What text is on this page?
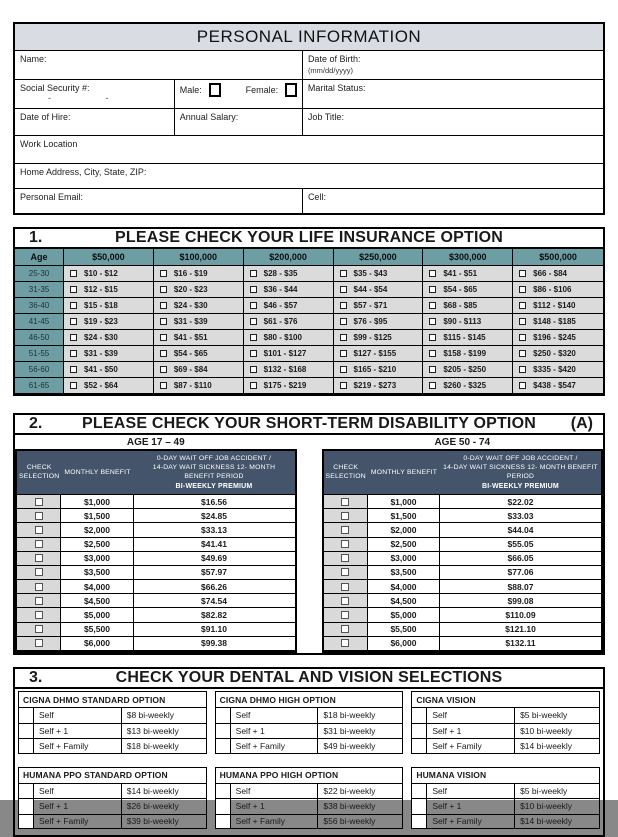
PERSONAL INFORMATION
Name:	Date of Birth:
(mm/dd/yyyy)
Social Security #:- -
Male:	Female:	Marital Status:
Date of Hire:	Annual Salary:	Job Title:
Work Location
Home Address, City, State, ZIP:
Personal Email:	Cell:
1.	PLEASE CHECK YOUR LIFE INSURANCE OPTION
Age	$50,000	$100,000	$200,000	$250,000	$300,000	$500,000
25-30	$10 - $12	$16 - $19	$28 - $35	$35 - $43	$41 - $51	$66 - $84
31-35	$12 - $15	$20 - $23	$36 - $44	$44 - $54	$54 - $65	$86 - $106
36-40	$15 - $18	$24 - $30	$46 - $57	$57 - $71	$68 - $85	$112 - $140
41-45	$19 - $23	$31 - $39	$61 - $76	$76 - $95	$90 - $113	$148 - $185
46-50	$24 - $30	$41 - $51	$80 - $100	$99 - $125	$115 - $145	$196 - $245
51-55	$31 - $39	$54 - $65	$101 - $127	$127 - $155	$158 - $199	$250 - $320
56-60	$41 - $50	$69 - $84	$132 - $168	$165 - $210	$205 - $250	$335 - $420
61-65	$52 - $64	$87 - $110	$175 - $219	$219 - $273	$260 - $325	$438 - $547
2.	PLEASE CHECK YOUR SHORT-TERM DISABILITY OPTION	(A)
AGE 17 – 49
CHECK SELECTION
MONTHLY BENEFIT
0-DAY WAIT OFF JOB ACCIDENT /
14-DAY WAIT SICKNESS 12- MONTH
BENEFIT PERIOD
BI-WEEKLY PREMIUM
$1,000	$16.56
$1,500	$24.85
$2,000	$33.13
$2,500	$41.41
$3,000	$49.69
$3,500	$57.97
$4,000	$66.26
$4,500	$74.54
$5,000	$82.82
$5,500	$91.10
$6,000	$99.38
AGE 50 - 74
CHECK SELECTION
MONTHLY BENEFIT
0-DAY WAIT OFF JOB ACCIDENT /
14-DAY WAIT SICKNESS 12- MONTH BENEFIT
PERIOD
BI-WEEKLY PREMIUM
$1,000	$22.02
$1,500	$33.03
$2,000	$44.04
$2,500	$55.05
$3,000	$66.05
$3,500	$77.06
$4,000	$88.07
$4,500	$99.08
$5,000	$110.09
$5,500	$121.10
$6,000	$132.11
3.	CHECK YOUR DENTAL AND VISION SELECTIONS
CIGNA DHMO STANDARD OPTION
Self	$8 bi-weekly
Self + 1	$13 bi-weekly
Self + Family	$18 bi-weekly
CIGNA DHMO HIGH OPTION
Self	$18 bi-weekly
Self + 1	$31 bi-weekly
Self + Family	$49 bi-weekly
CIGNA VISION
Self	$5 bi-weekly
Self + 1	$10 bi-weekly
Self + Family	$14 bi-weekly
HUMANA PPO STANDARD OPTION
Self	$14 bi-weekly
Self + 1	$26 bi-weekly
Self + Family	$39 bi-weekly
HUMANA PPO HIGH OPTION
Self	$22 bi-weekly
Self + 1	$38 bi-weekly
Self + Family	$56 bi-weekly
HUMANA VISION
Self	$5 bi-weekly
Self + 1	$10 bi-weekly
Self + Family	$14 bi-weekly
